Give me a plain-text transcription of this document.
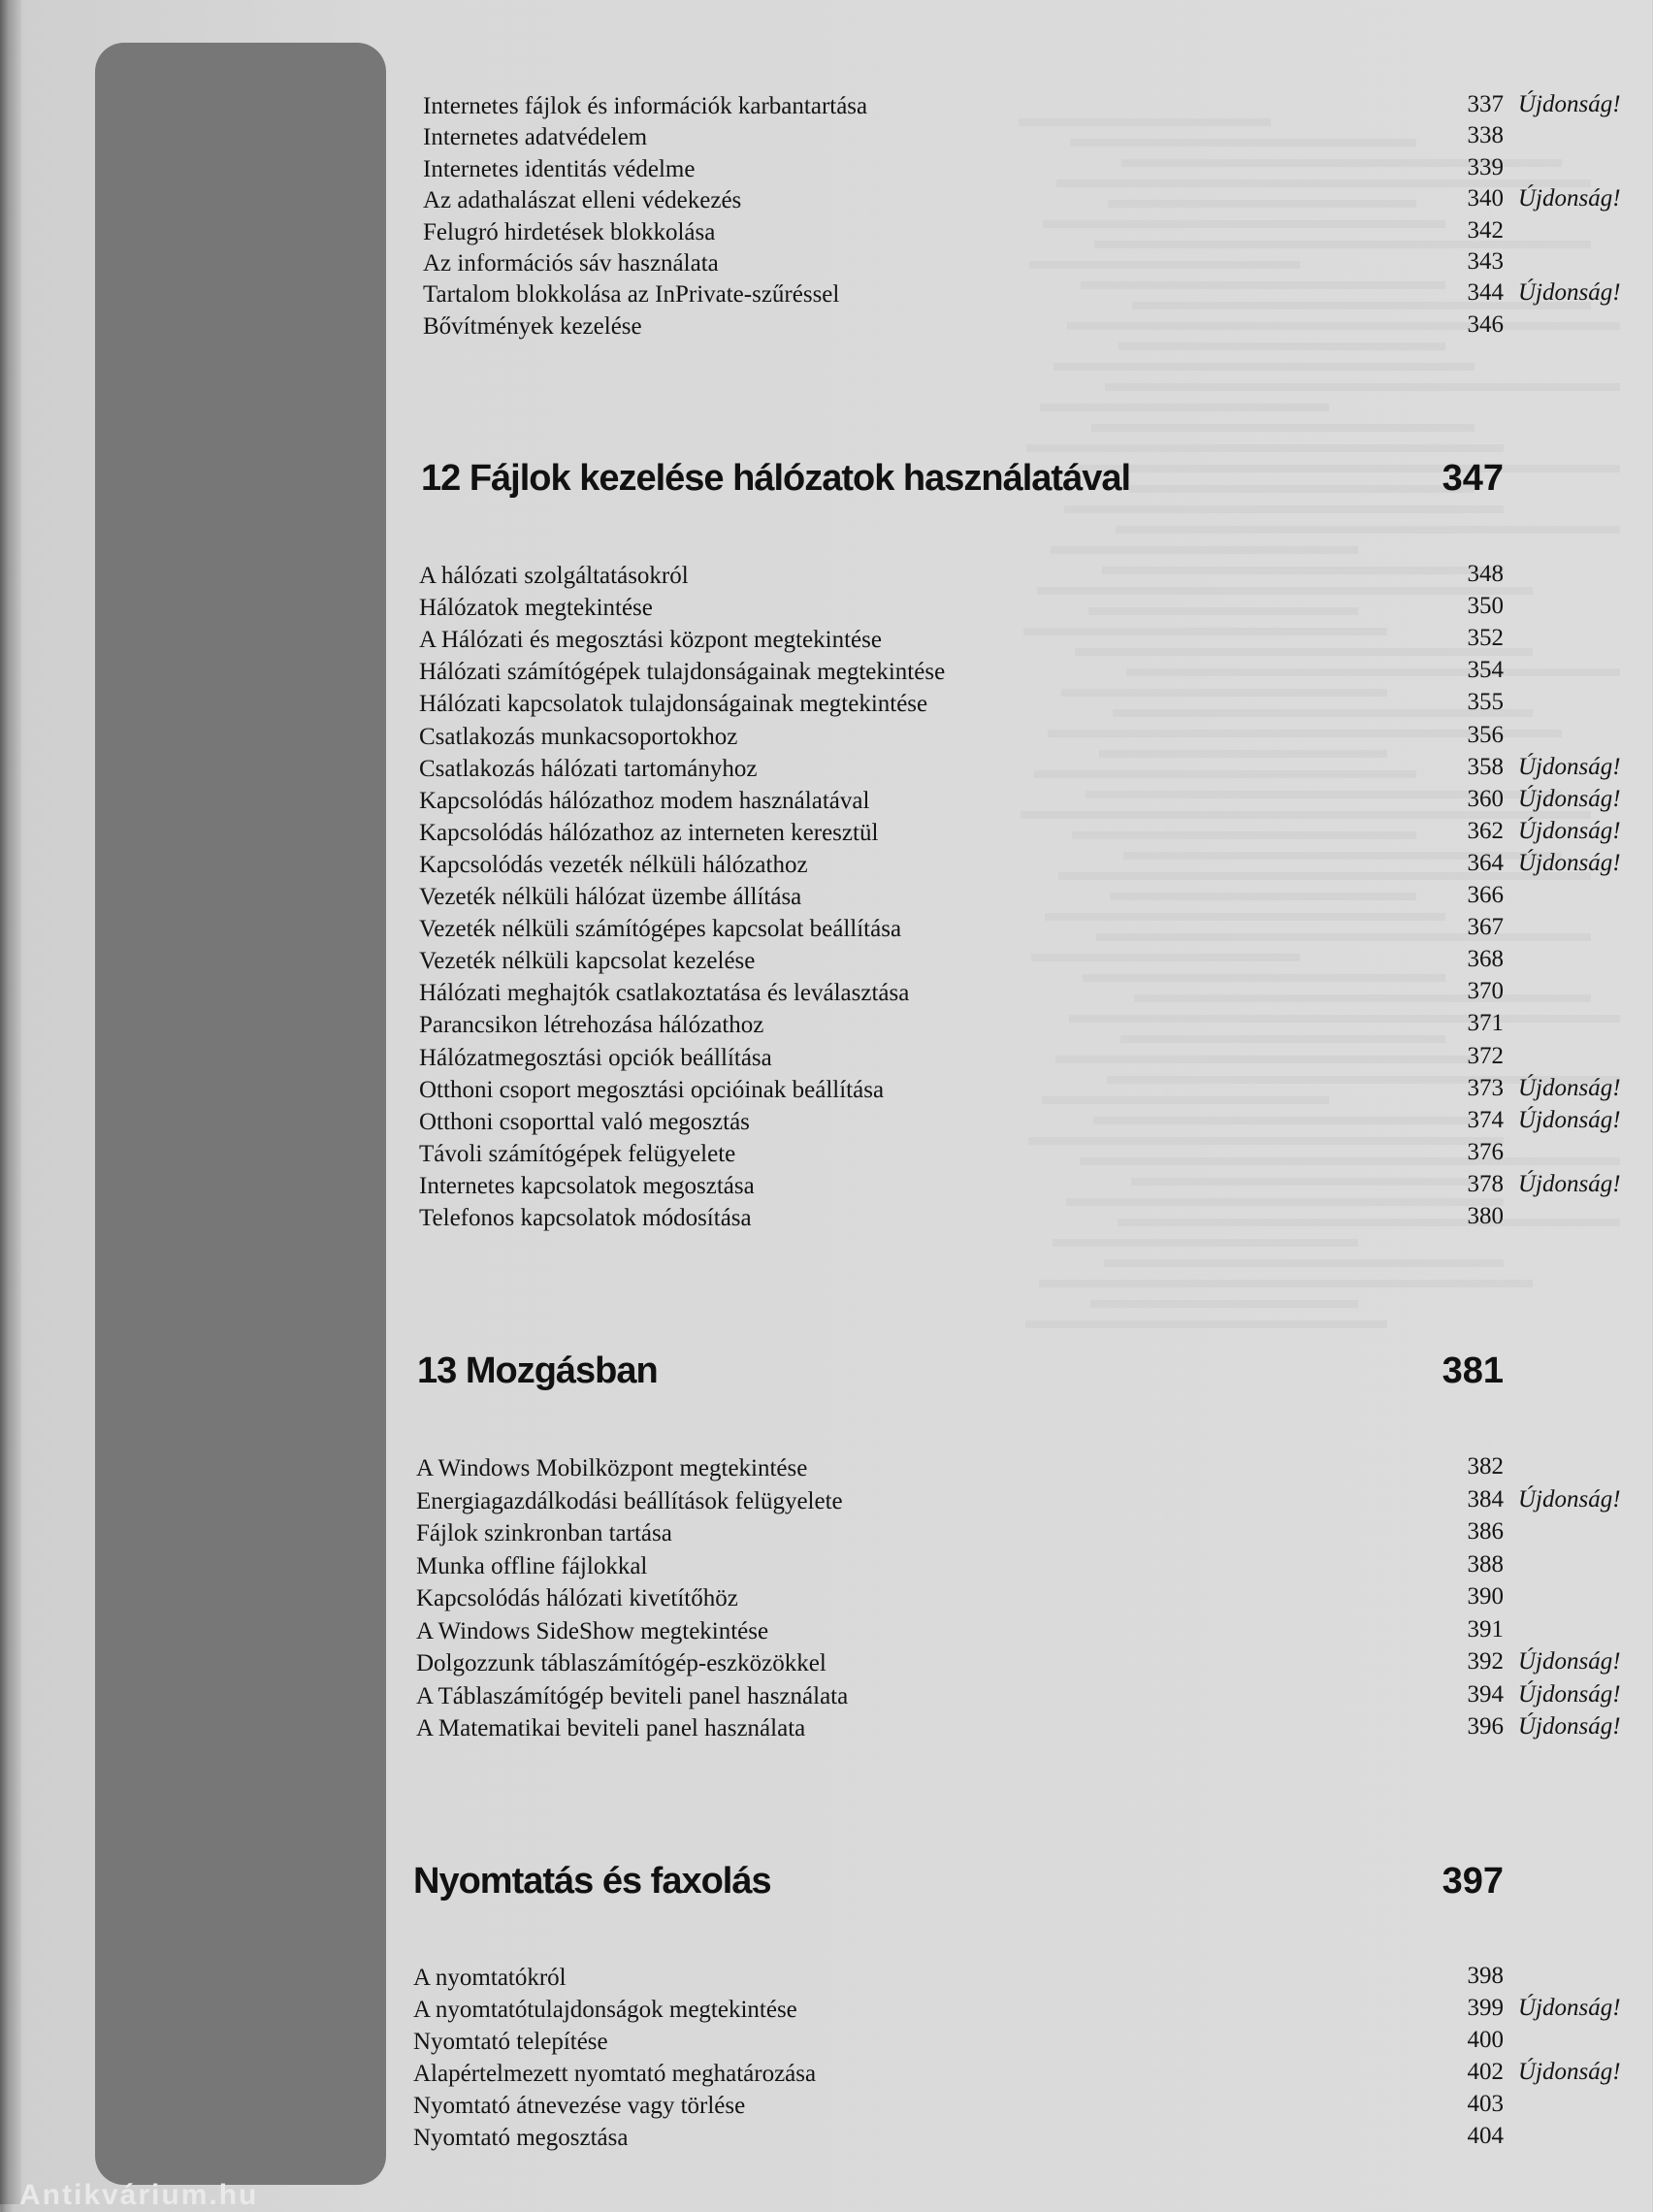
Internetes fájlok és információk karbantartása	337 Újdonság!
Internetes adatvédelem	338
Internetes identitás védelme	339
Az adathalászat elleni védekezés	340 Újdonság!
Felugró hirdetések blokkolása	342
Az információs sáv használata	343
Tartalom blokkolása az InPrivate-szűréssel	344 Újdonság!
Bővítmények kezelése	346
12 Fájlok kezelése hálózatok használatával	347
A hálózati szolgáltatásokról	348
Hálózatok megtekintése	350
A Hálózati és megosztási központ megtekintése	352
Hálózati számítógépek tulajdonságainak megtekintése	354
Hálózati kapcsolatok tulajdonságainak megtekintése	355
Csatlakozás munkacsoportokhoz	356
Csatlakozás hálózati tartományhoz	358 Újdonság!
Kapcsolódás hálózathoz modem használatával	360 Újdonság!
Kapcsolódás hálózathoz az interneten keresztül	362 Újdonság!
Kapcsolódás vezeték nélküli hálózathoz	364 Újdonság!
Vezeték nélküli hálózat üzembe állítása	366
Vezeték nélküli számítógépes kapcsolat beállítása	367
Vezeték nélküli kapcsolat kezelése	368
Hálózati meghajtók csatlakoztatása és leválasztása	370
Parancsikon létrehozása hálózathoz	371
Hálózatmegosztási opciók beállítása	372
Otthoni csoport megosztási opcióinak beállítása	373 Újdonság!
Otthoni csoporttal való megosztás	374 Újdonság!
Távoli számítógépek felügyelete	376
Internetes kapcsolatok megosztása	378 Újdonság!
Telefonos kapcsolatok módosítása	380
13 Mozgásban	381
A Windows Mobilközpont megtekintése	382
Energiagazdálkodási beállítások felügyelete	384 Újdonság!
Fájlok szinkronban tartása	386
Munka offline fájlokkal	388
Kapcsolódás hálózati kivetítőhöz	390
A Windows SideShow megtekintése	391
Dolgozzunk táblaszámítógép-eszközökkel	392 Újdonság!
A Táblaszámítógép beviteli panel használata	394 Újdonság!
A Matematikai beviteli panel használata	396 Újdonság!
Nyomtatás és faxolás	397
A nyomtatókról	398
A nyomtatótulajdonságok megtekintése	399 Újdonság!
Nyomtató telepítése	400
Alapértelmezett nyomtató meghatározása	402 Újdonság!
Nyomtató átnevezése vagy törlése	403
Nyomtató megosztása	404
Antikvárium.hu
